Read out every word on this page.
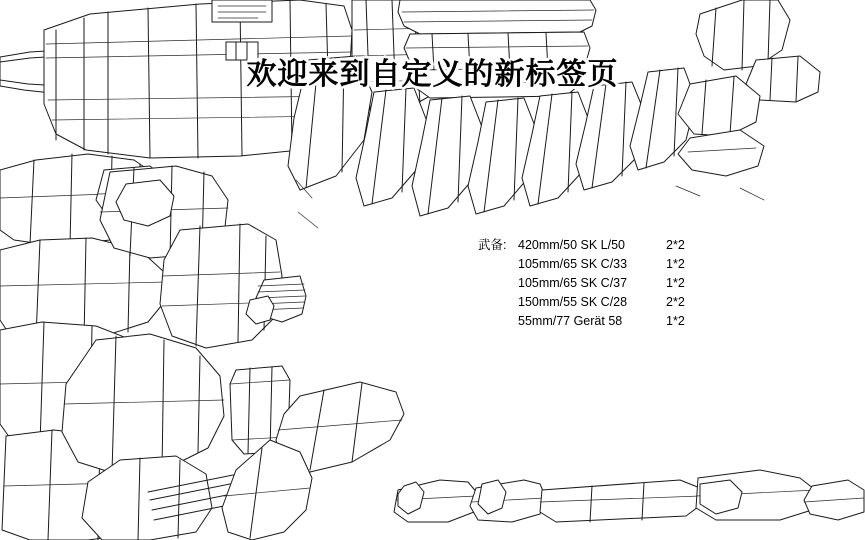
欢迎来到自定义的新标签页
武备: 420mm/50 SK L/50	2*2
105mm/65 SK C/33	1*2
105mm/65 SK C/37	1*2
150mm/55 SK C/28	2*2
55mm/77 Gerät 58	1*2
